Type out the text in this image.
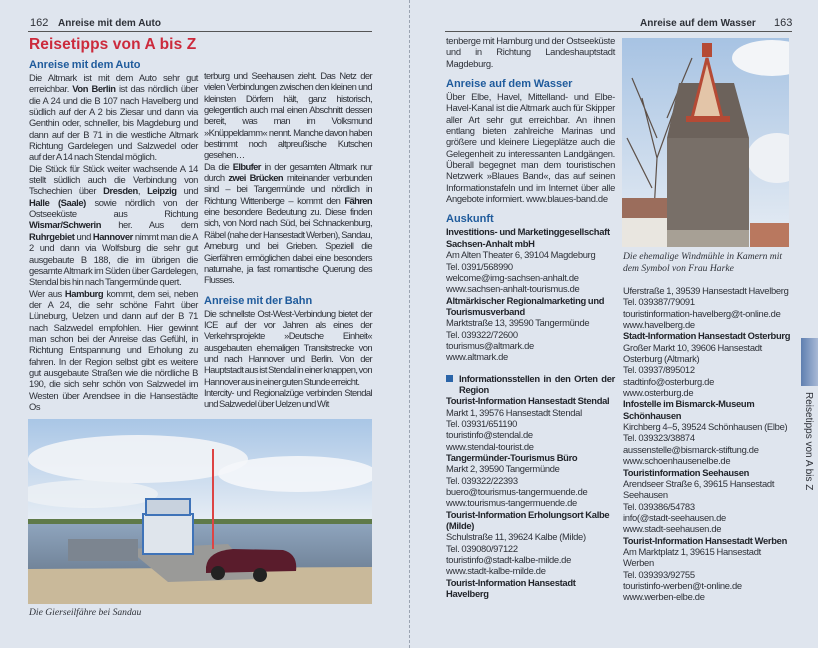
162 Anreise mit dem Auto
Reisetipps von A bis Z
Anreise mit dem Auto

Die Altmark ist mit dem Auto sehr gut erreichbar. Von Berlin ist das nördlich über die A 24 und die B 107 nach Havelberg und südlich auf der A 2 bis Ziesar und dann via Genthin oder, schneller, bis Magdeburg und dann auf der B 71 in die westliche Altmark Richtung Gardelegen und Salzwedel oder auf der A 14 nach Stendal möglich.

Die Stück für Stück weiter wachsende A 14 stellt südlich auch die Verbindung von Tschechien über Dresden, Leipzig und Halle (Saale) sowie nördlich von der Ostseeküste aus Richtung Wismar/Schwerin her. Aus dem Ruhrgebiet und Hannover nimmt man die A 2 und dann via Wolfsburg die sehr gut ausgebaute B 188, die im übrigen die gesamte Altmark im Süden über Gardelegen, Stendal bis hin nach Tangermünde quert.

Wer aus Hamburg kommt, dem sei, neben der A 24, die sehr schöne Fahrt über Lüneburg, Uelzen und dann auf der B 71 nach Salzwedel empfohlen. Hier gewinnt man schon bei der Anreise das Gefühl, in Richtung Entspannung und Erholung zu fahren. In der Region selbst gibt es weitere gut ausgebaute Straßen wie die nördliche B 190, die sich sehr schön von Salzwedel im Westen über Arendsee in die Hansestädte Os

terburg und Seehausen zieht. Das Netz der vielen Verbindungen zwischen den kleinen und kleinsten Dörfern hält, ganz historisch, gelegentlich auch mal einen Abschnitt dessen bereit, was man im Volksmund »Knüppeldamm« nennt. Manche davon haben bestimmt noch altpreußische Kutschen gesehen…

Da die Elbufer in der gesamten Altmark nur durch zwei Brücken miteinander verbunden sind – bei Tangermünde und nördlich in Richtung Wittenberge – kommt den Fähren eine besondere Bedeutung zu. Diese finden sich, von Nord nach Süd, bei Schnackenburg, Räbel (nahe der Hansestadt Werben), Sandau, Arneburg und bei Grieben. Speziell die Gierfähren ermöglichen dabei eine besonders naturnahe, ja fast romantische Querung des Flusses.

Anreise mit der Bahn

Die schnellste Ost-West-Verbindung bietet der ICE auf der vor Jahren als eines der Verkehrsprojekte »Deutsche Einheit« ausgebauten ehemaligen Transitstrecke von und nach Hannover und Berlin. Von der Hauptstadt aus ist Stendal in einer knappen, von Hannover aus in einer guten Stunde erreicht.

Intercity- und Regionalzüge verbinden Stendal und Salzwedel über Uelzen und Wit

Die Gierseilfähre bei Sandau
Anreise auf dem Wasser 163

tenberge mit Hamburg und der Ostseeküste und in Richtung Landeshauptstadt Magdeburg.

Anreise auf dem Wasser

Über Elbe, Havel, Mittelland- und Elbe-Havel-Kanal ist die Altmark auch für Skipper aller Art sehr gut erreichbar. An ihnen entlang bieten zahlreiche Marinas und größere und kleinere Liegeplätze auch die Gelegenheit zu interessanten Landgängen. Überall begegnet man dem touristischen Netzwerk »Blaues Band«, das auf seinen Informationstafeln und im Internet über alle Angebote informiert. www.blaues-band.de

Auskunft
Investitions- und Marketinggesellschaft Sachsen-Anhalt mbH
Am Alten Theater 6, 39104 Magdeburg
Tel. 0391/568990
welcome@img-sachsen-anhalt.de
www.sachsen-anhalt-tourismus.de
Altmärkischer Regionalmarketing und Tourismusverband
Marktstraße 13, 39590 Tangermünde
Tel. 039322/72600
tourismus@altmark.de
www.altmark.de
Informationsstellen in den Orten der Region
Tourist-Information Hansestadt Stendal
Markt 1, 39576 Hansestadt Stendal
Tel. 03931/651190
touristinfo@stendal.de
www.stendal-tourist.de
Tangermünder-Tourismus Büro
Markt 2, 39590 Tangermünde
Tel. 039322/22393
buero@tourismus-tangermuende.de
www.tourismus-tangermuende.de
Tourist-Information Erholungsort Kalbe (Milde)
Schulstraße 11, 39624 Kalbe (Milde)
Tel. 039080/97122
touristinfo@stadt-kalbe-milde.de
www.stadt-kalbe-milde.de
Tourist-Information Hansestadt Havelberg
Die ehemalige Windmühle in Kamern mit dem Symbol von Frau Harke
Uferstraße 1, 39539 Hansestadt Havelberg
Tel. 039387/79091
touristinformation-havelberg@t-online.de
www.havelberg.de
Stadt-Information Hansestadt Osterburg
Großer Markt 10, 39606 Hansestadt Osterburg (Altmark)
Tel. 03937/895012
stadtinfo@osterburg.de
www.osterburg.de
Infostelle im Bismarck-Museum Schönhausen
Kirchberg 4–5, 39524 Schönhausen (Elbe)
Tel. 039323/38874
aussenstelle@bismarck-stiftung.de
www.schoenhausenelbe.de
Touristinformation Seehausen
Arendseer Straße 6, 39615 Hansestadt Seehausen
Tel. 039386/54783
info(@stadt-seehausen.de
www.stadt-seehausen.de
Tourist-Information Hansestadt Werben
Am Marktplatz 1, 39615 Hansestadt Werben
Tel. 039393/92755
touristinfo-werben@t-online.de
www.werben-elbe.de
Reisetipps von A bis Z
